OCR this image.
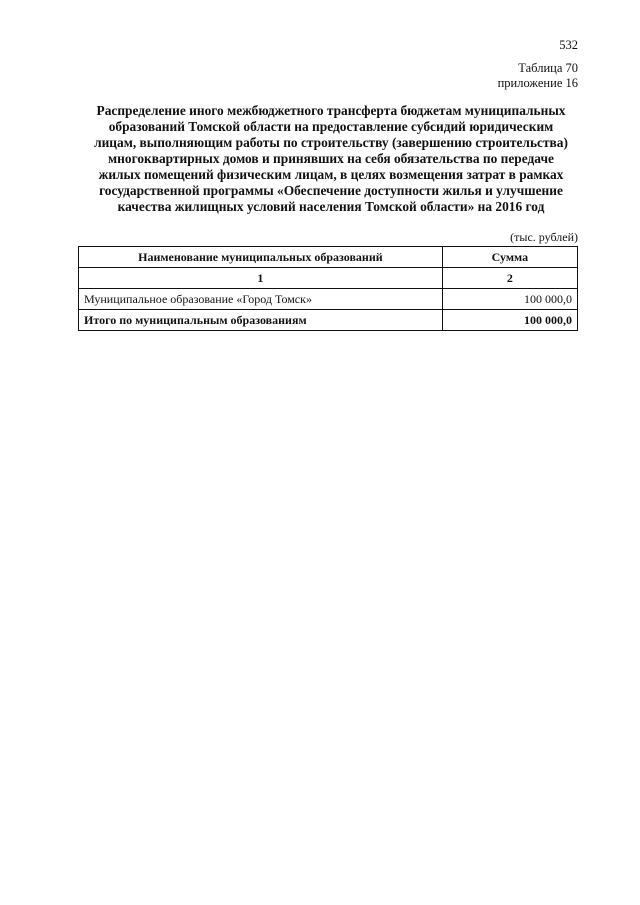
532
Таблица 70
приложение 16
Распределение иного межбюджетного трансферта бюджетам муниципальных
образований Томской области на предоставление субсидий юридическим
лицам, выполняющим работы по строительству (завершению строительства)
многоквартирных домов и принявших на себя обязательства по передаче
жилых помещений физическим лицам, в целях возмещения затрат в рамках
государственной программы «Обеспечение доступности жилья и улучшение
качества жилищных условий населения Томской области» на 2016 год
(тыс. рублей)
Наименование муниципальных образований	Сумма
1	2
Муниципальное образование «Город Томск»	100 000,0
Итого по муниципальным образованиям	100 000,0
